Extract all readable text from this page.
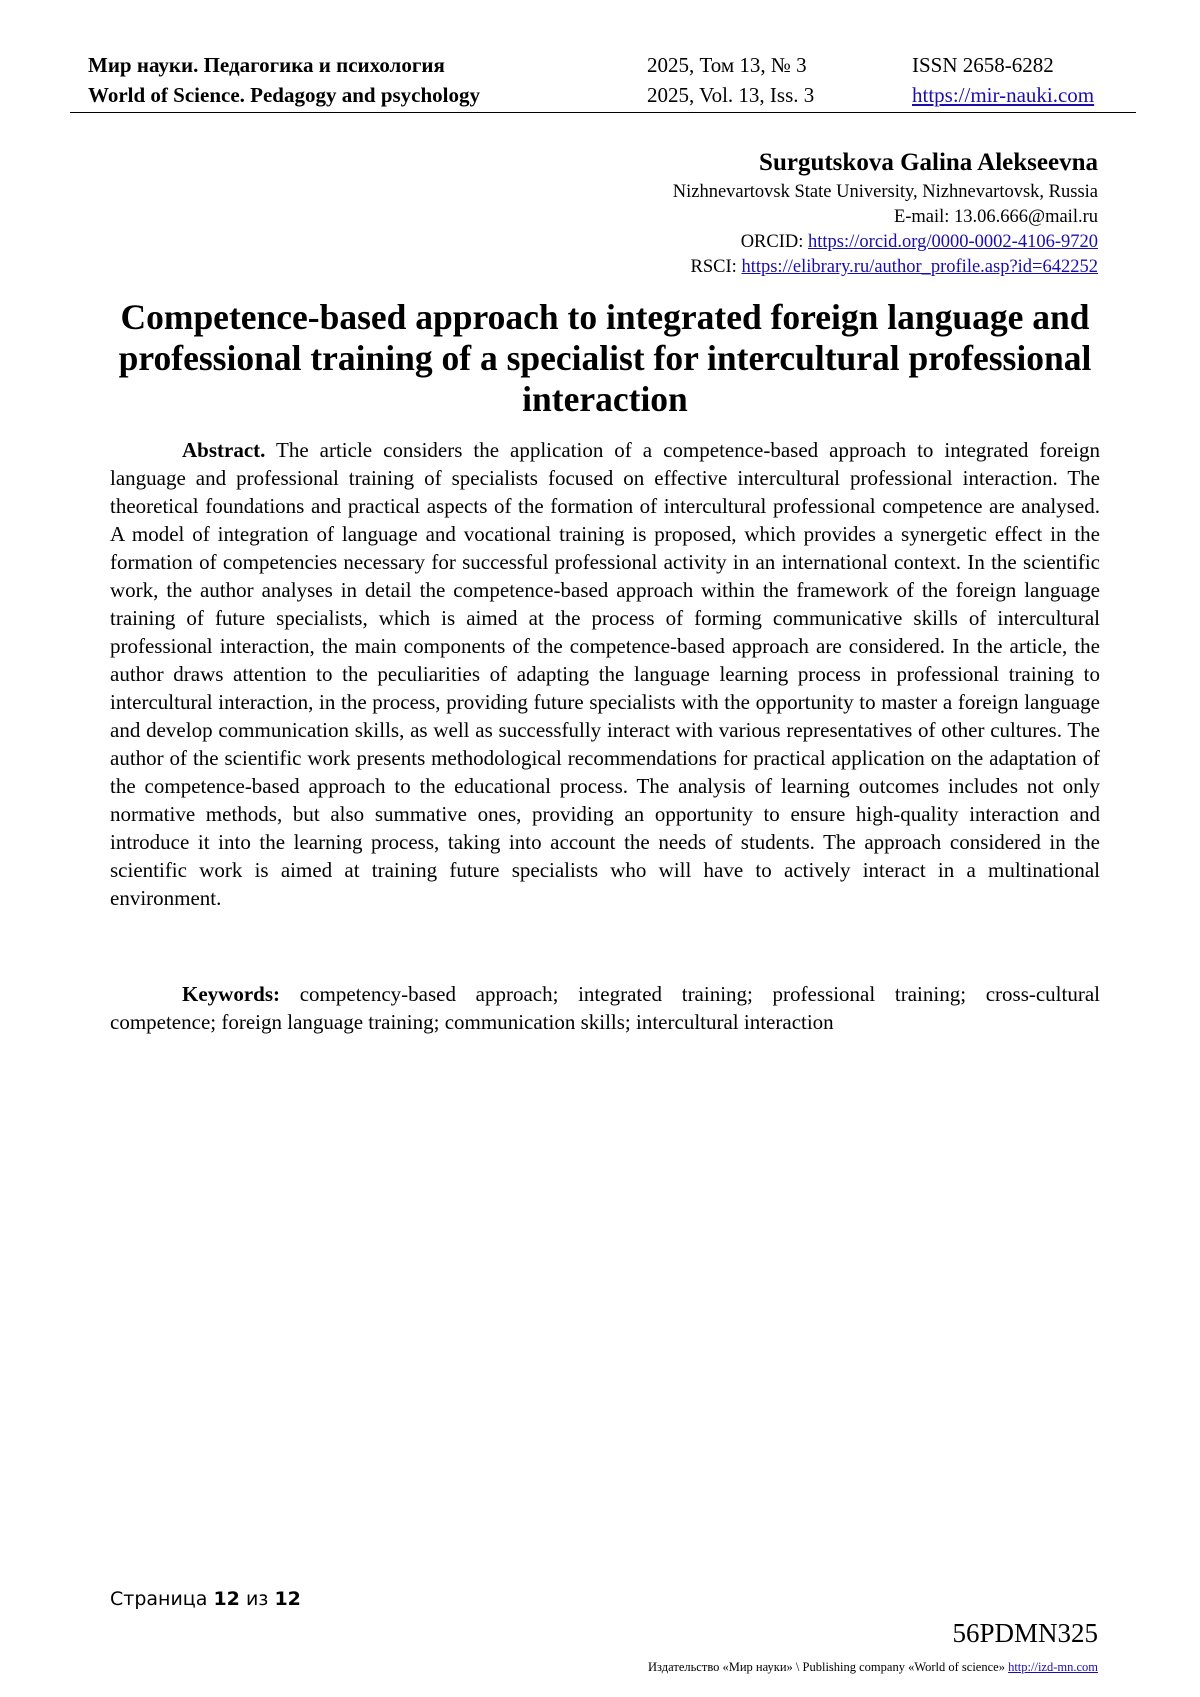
Мир науки. Педагогика и психология
World of Science. Pedagogy and psychology
2025, Том 13, № 3
2025, Vol. 13, Iss. 3
ISSN 2658-6282
https://mir-nauki.com
Surgutskova Galina Alekseevna
Nizhnevartovsk State University, Nizhnevartovsk, Russia
E-mail: 13.06.666@mail.ru
ORCID: https://orcid.org/0000-0002-4106-9720
RSCI: https://elibrary.ru/author_profile.asp?id=642252
Competence-based approach to integrated foreign language and professional training of a specialist for intercultural professional interaction

Abstract. The article considers the application of a competence-based approach to integrated foreign language and professional training of specialists focused on effective intercultural professional interaction. The theoretical foundations and practical aspects of the formation of intercultural professional competence are analysed. A model of integration of language and vocational training is proposed, which provides a synergetic effect in the formation of competencies necessary for successful professional activity in an international context. In the scientific work, the author analyses in detail the competence-based approach within the framework of the foreign language training of future specialists, which is aimed at the process of forming communicative skills of intercultural professional interaction, the main components of the competence-based approach are considered. In the article, the author draws attention to the peculiarities of adapting the language learning process in professional training to intercultural interaction, in the process, providing future specialists with the opportunity to master a foreign language and develop communication skills, as well as successfully interact with various representatives of other cultures. The author of the scientific work presents methodological recommendations for practical application on the adaptation of the competence-based approach to the educational process. The analysis of learning outcomes includes not only normative methods, but also summative ones, providing an opportunity to ensure high-quality interaction and introduce it into the learning process, taking into account the needs of students. The approach considered in the scientific work is aimed at training future specialists who will have to actively interact in a multinational environment.

Keywords: competency-based approach; integrated training; professional training; cross-cultural competence; foreign language training; communication skills; intercultural interaction

Страница 12 из 12
56PDMN325
Издательство «Мир науки» \ Publishing company «World of science» http://izd-mn.com
